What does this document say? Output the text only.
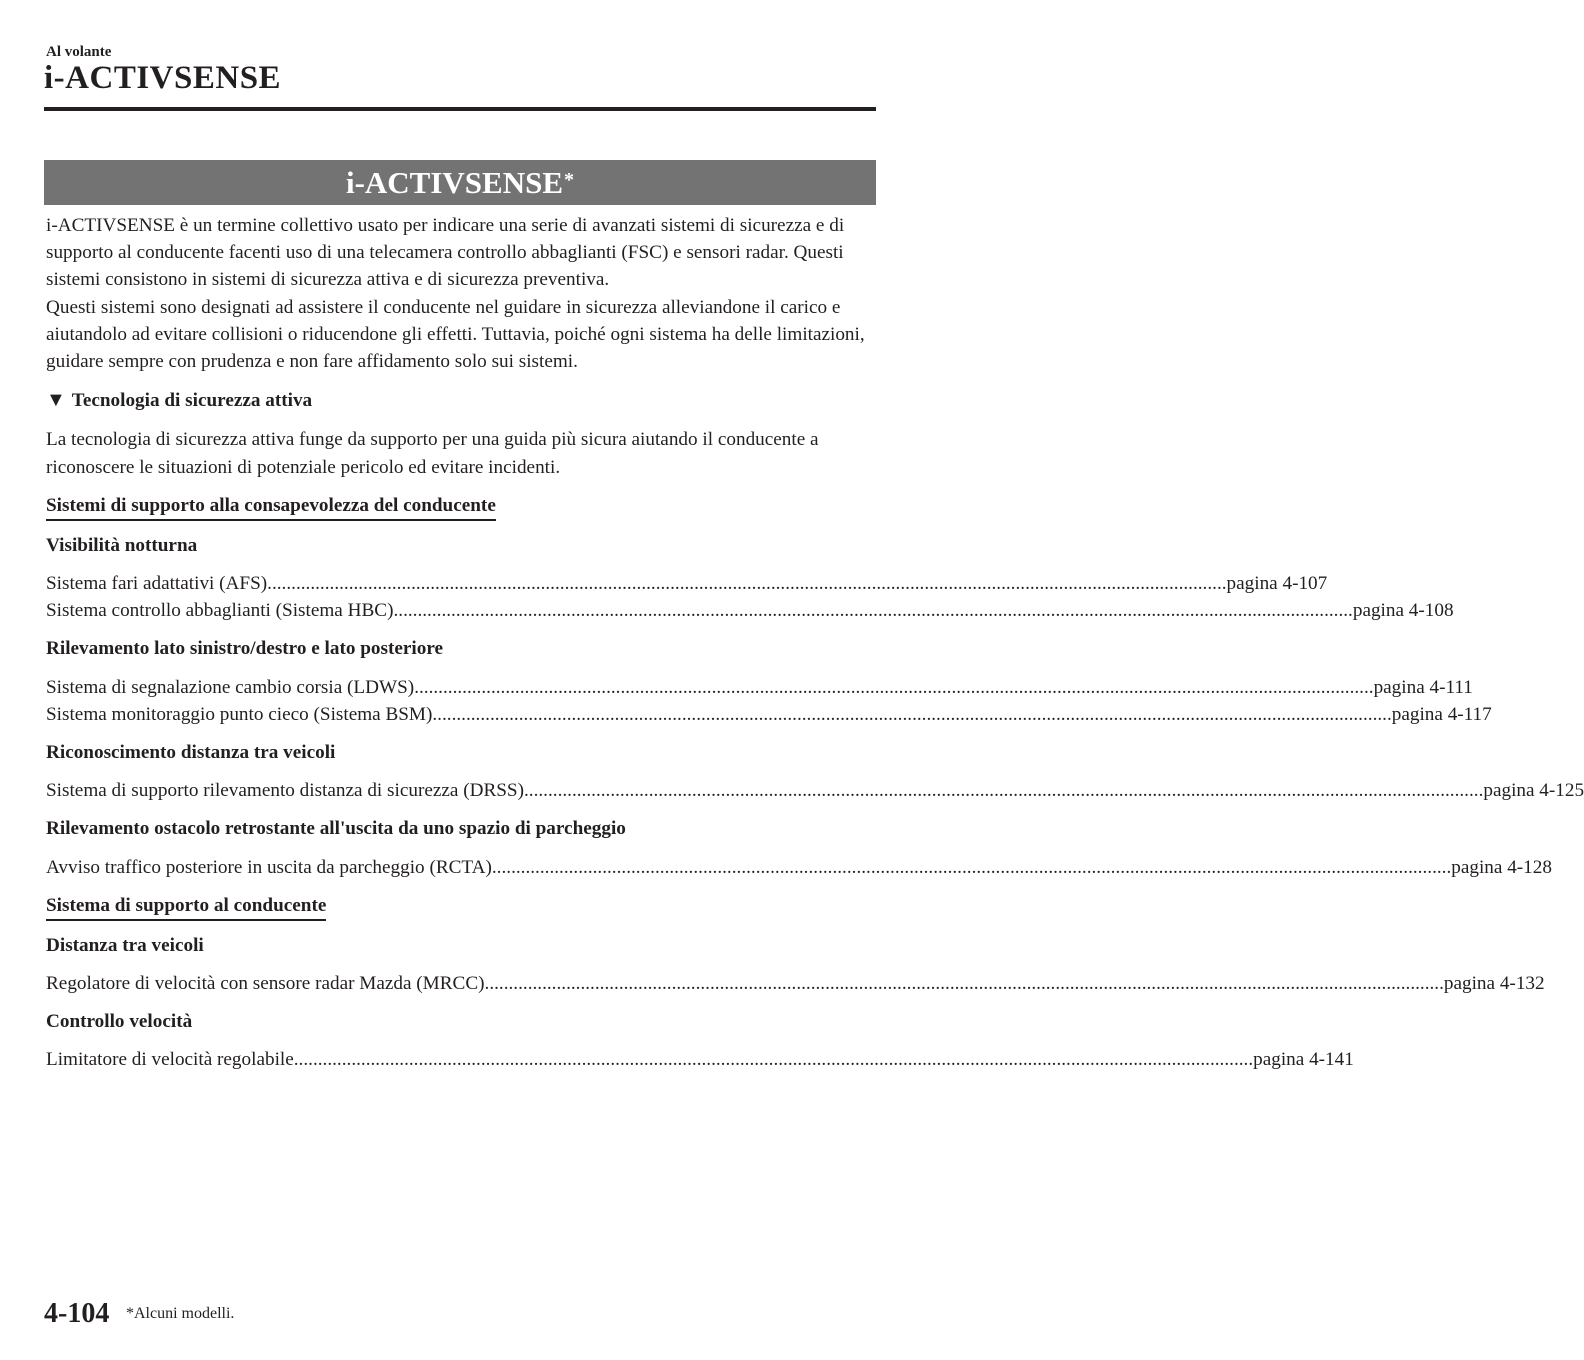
Al volante
i-ACTIVSENSE
i-ACTIVSENSE*

i-ACTIVSENSE è un termine collettivo usato per indicare una serie di avanzati sistemi di sicurezza e di supporto al conducente facenti uso di una telecamera controllo abbaglianti (FSC) e sensori radar. Questi sistemi consistono in sistemi di sicurezza attiva e di sicurezza preventiva.

Questi sistemi sono designati ad assistere il conducente nel guidare in sicurezza alleviandone il carico e aiutandolo ad evitare collisioni o riducendone gli effetti. Tuttavia, poiché ogni sistema ha delle limitazioni, guidare sempre con prudenza e non fare affidamento solo sui sistemi.

▼ Tecnologia di sicurezza attiva

La tecnologia di sicurezza attiva funge da supporto per una guida più sicura aiutando il conducente a riconoscere le situazioni di potenziale pericolo ed evitare incidenti.

Sistemi di supporto alla consapevolezza del conducente

Visibilità notturna

Sistema fari adattativi (AFS) ........................................................................................................................................................................................................ pagina 4-107
Sistema controllo abbaglianti (Sistema HBC) ........................................................................................................................................................................................................ pagina 4-108

Rilevamento lato sinistro/destro e lato posteriore

Sistema di segnalazione cambio corsia (LDWS) ........................................................................................................................................................................................................ pagina 4-111
Sistema monitoraggio punto cieco (Sistema BSM) ........................................................................................................................................................................................................ pagina 4-117

Riconoscimento distanza tra veicoli

Sistema di supporto rilevamento distanza di sicurezza (DRSS) ........................................................................................................................................................................................................ pagina 4-125

Rilevamento ostacolo retrostante all'uscita da uno spazio di parcheggio

Avviso traffico posteriore in uscita da parcheggio (RCTA) ........................................................................................................................................................................................................ pagina 4-128

Sistema di supporto al conducente

Distanza tra veicoli

Regolatore di velocità con sensore radar Mazda (MRCC) ........................................................................................................................................................................................................ pagina 4-132

Controllo velocità

Limitatore di velocità regolabile ........................................................................................................................................................................................................ pagina 4-141
4-104 *Alcuni modelli.
